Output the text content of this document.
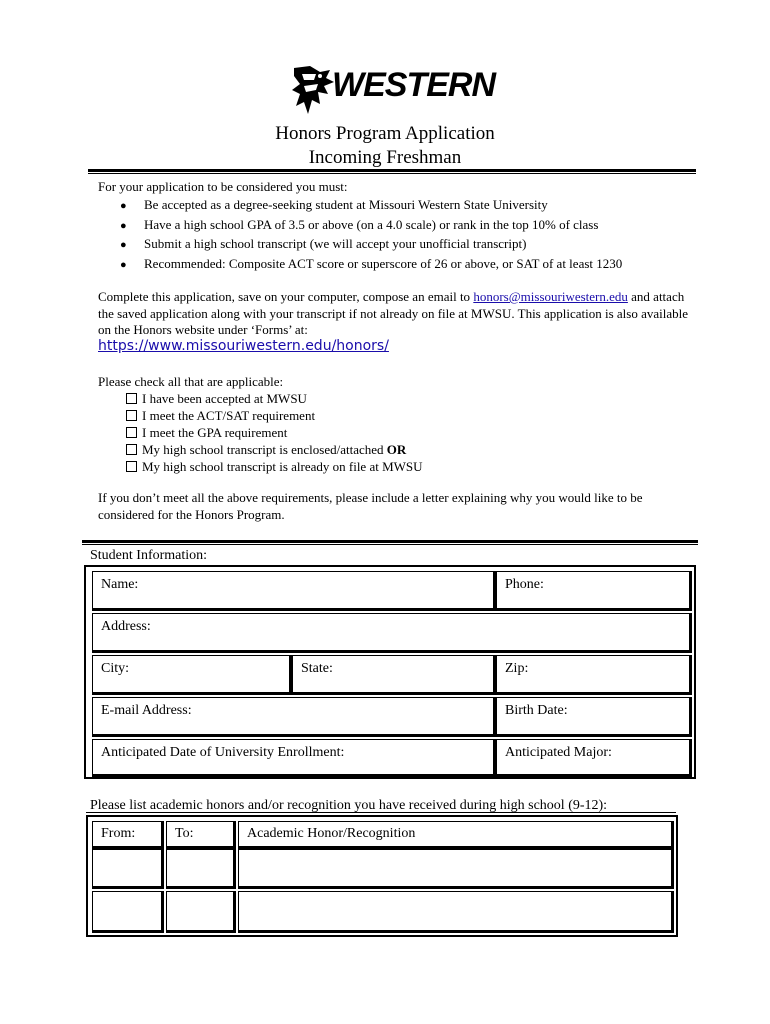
WESTERN
Honors Program Application
Incoming Freshman
For your application to be considered you must:
● Be accepted as a degree-seeking student at Missouri Western State University
● Have a high school GPA of 3.5 or above (on a 4.0 scale) or rank in the top 10% of class
● Submit a high school transcript (we will accept your unofficial transcript)
● Recommended: Composite ACT score or superscore of 26 or above, or SAT of at least 1230
Complete this application, save on your computer, compose an email to honors@missouriwestern.edu and attach the saved application along with your transcript if not already on file at MWSU. This application is also available on the Honors website under ‘Forms’ at:
https://www.missouriwestern.edu/honors/
Please check all that are applicable:
I have been accepted at MWSU
I meet the ACT/SAT requirement
I meet the GPA requirement
My high school transcript is enclosed/attached OR
My high school transcript is already on file at MWSU
If you don’t meet all the above requirements, please include a letter explaining why you would like to be considered for the Honors Program.
Student Information:
Name:	Phone:
Address:
City:	State:	Zip:
E-mail Address:	Birth Date:
Anticipated Date of University Enrollment:	Anticipated Major:
Please list academic honors and/or recognition you have received during high school (9-12):
From:	To:	Academic Honor/Recognition
